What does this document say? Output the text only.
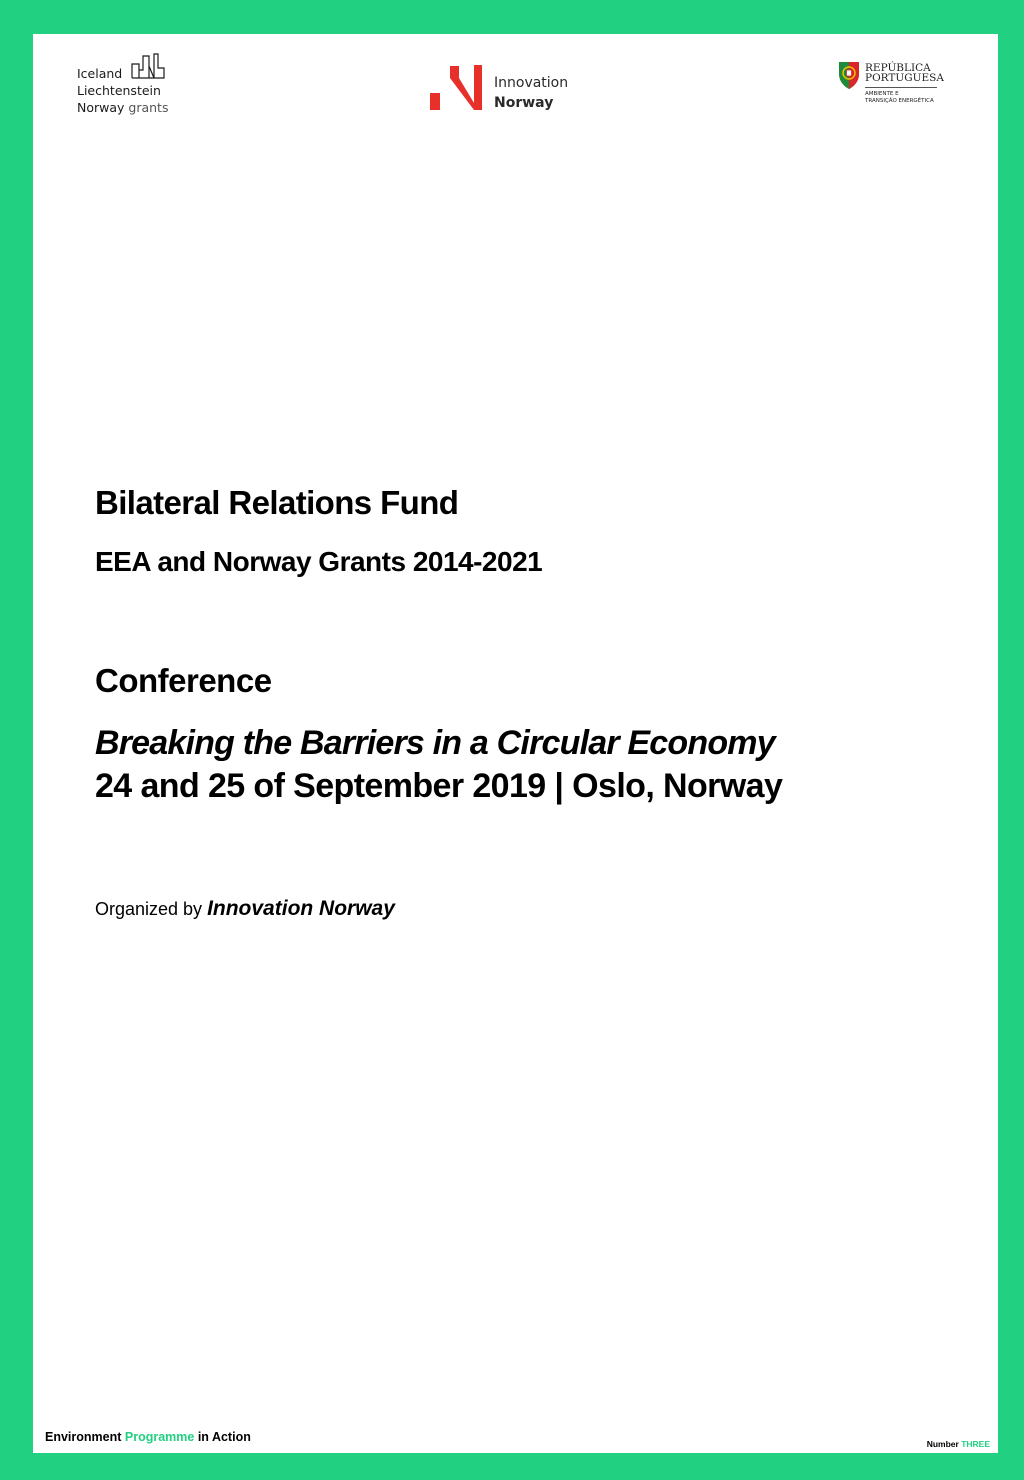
Iceland
Liechtenstein
Norway grants
Innovation
Norway
REPÚBLICA
PORTUGUESA
AMBIENTE E
TRANSIÇÃO ENERGÉTICA
Bilateral Relations Fund
EEA and Norway Grants 2014-2021
Conference
Breaking the Barriers in a Circular Economy
24 and 25 of September 2019 | Oslo, Norway
Organized by Innovation Norway
Environment Programme in Action	Number THREE
